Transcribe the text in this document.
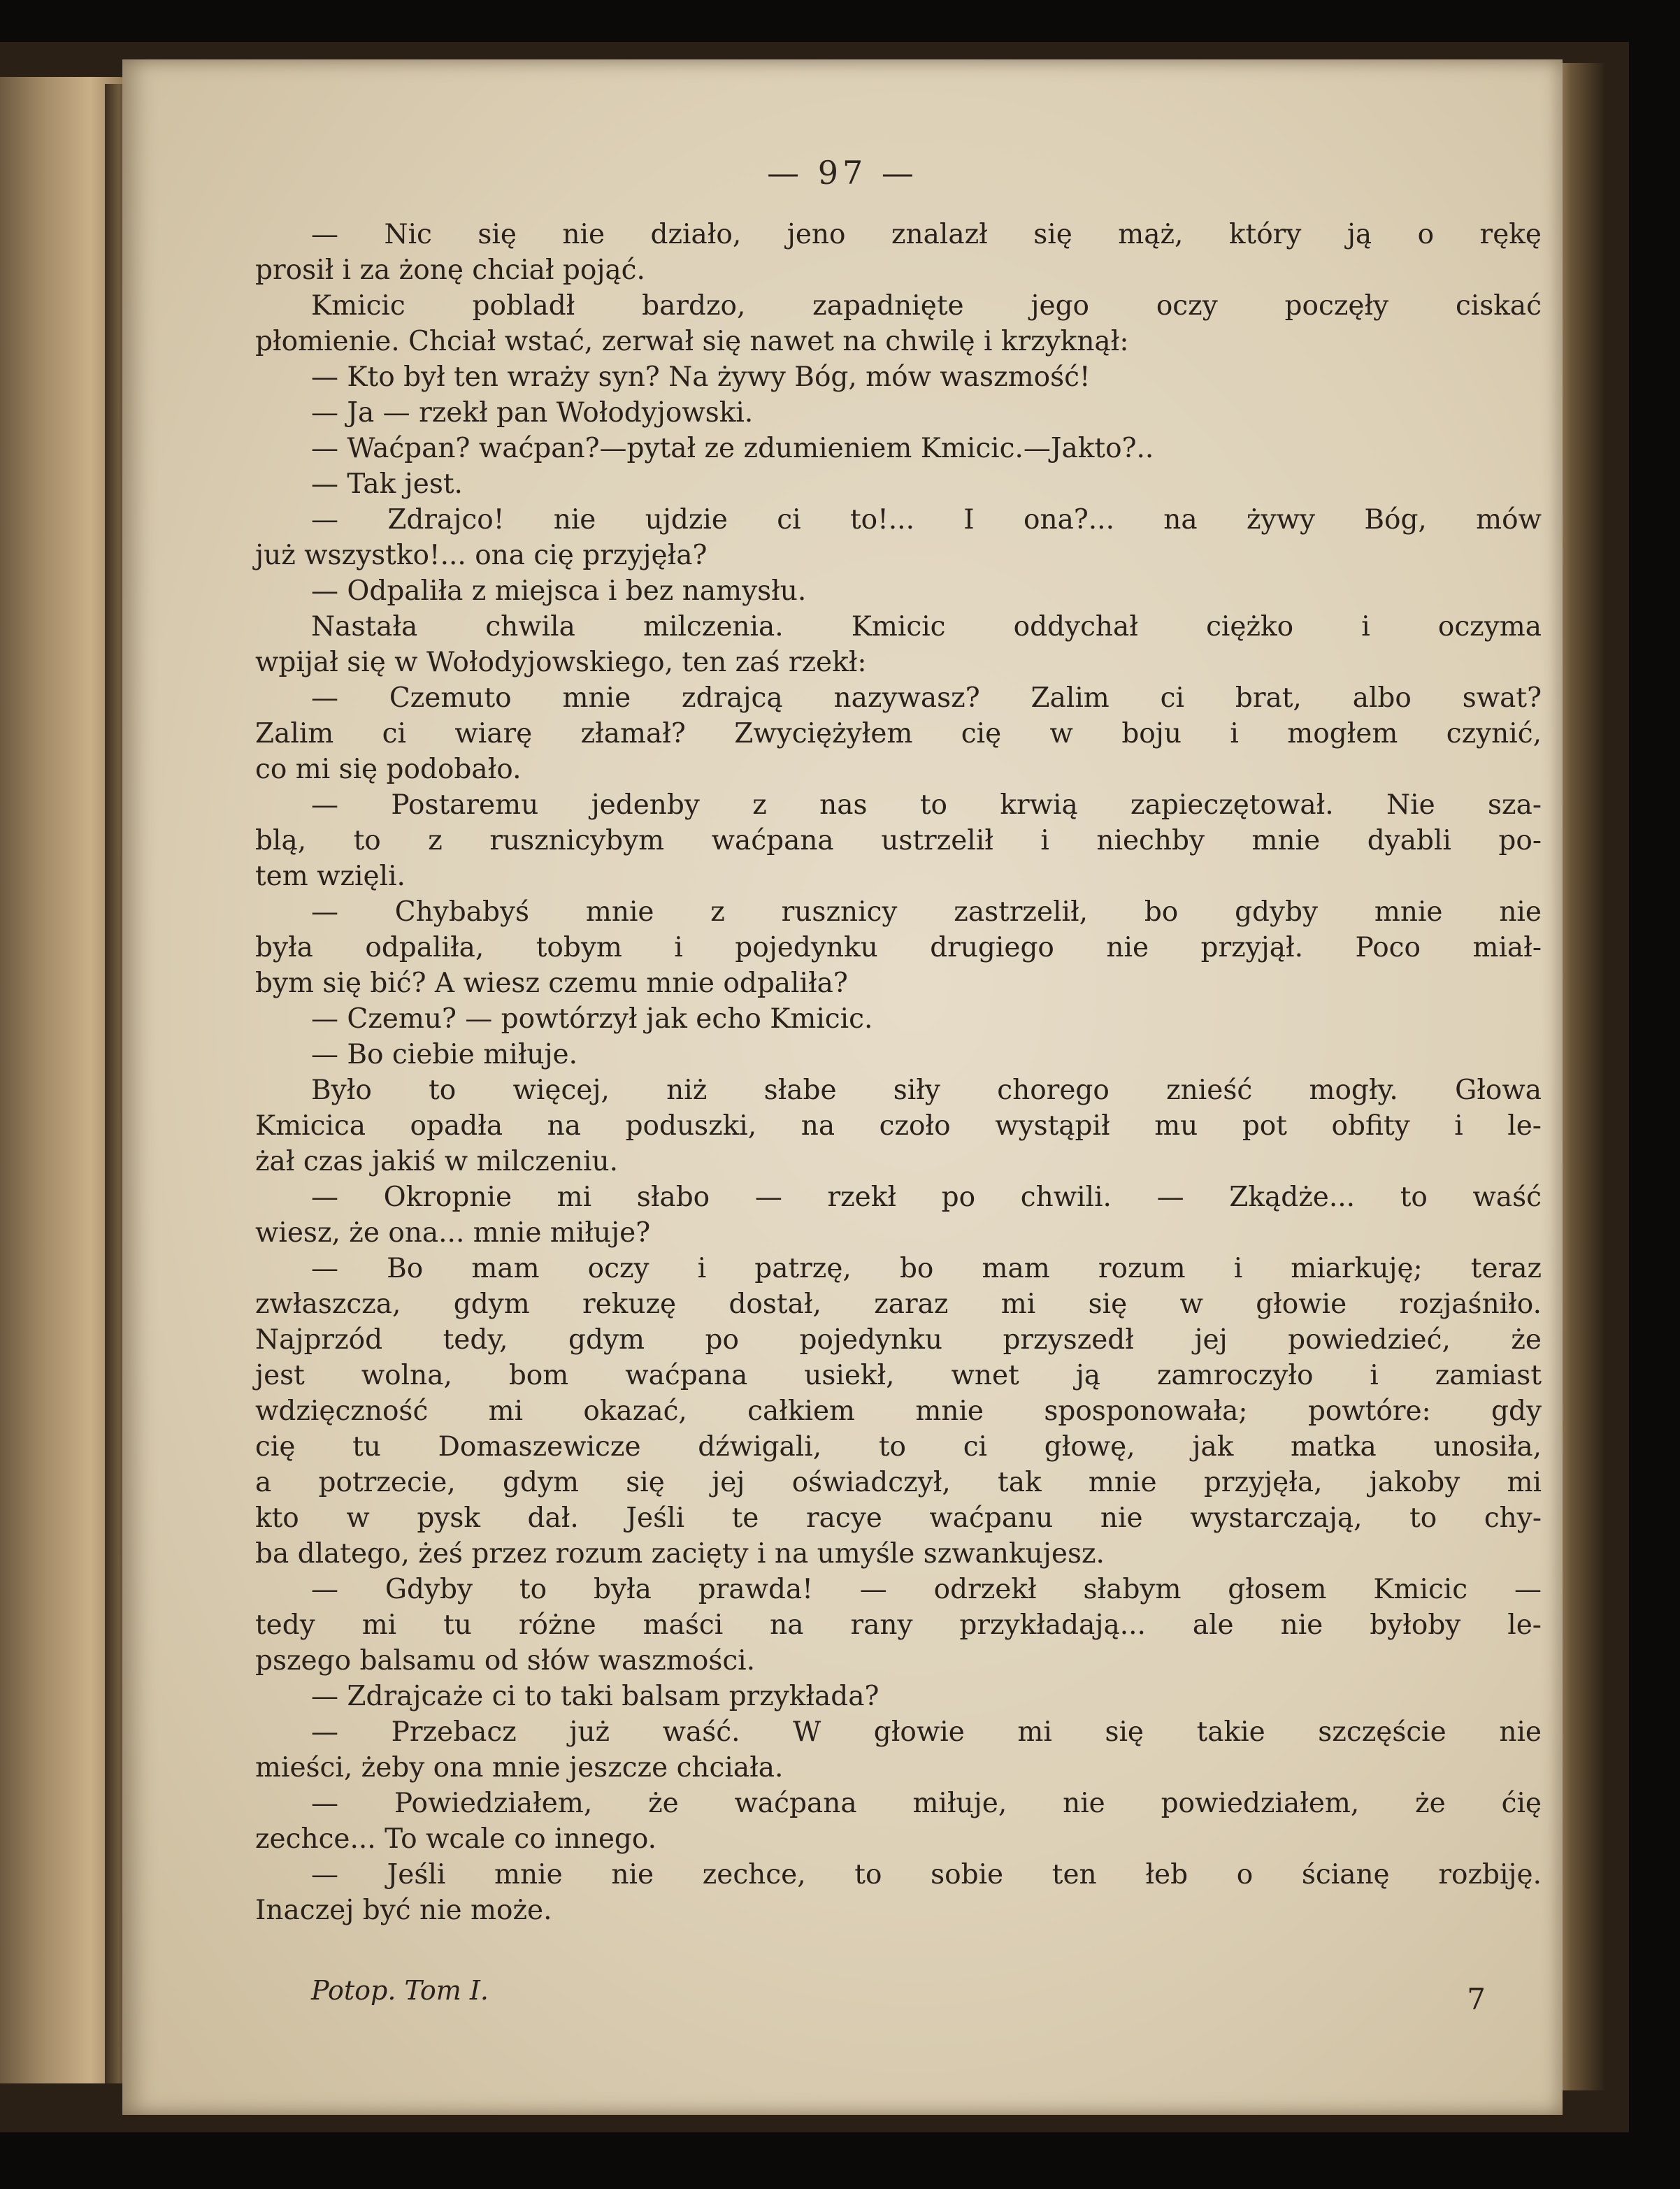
— 97 —
— Nic się nie działo, jeno znalazł się mąż, który ją o rękę
prosił i za żonę chciał pojąć.
Kmicic pobladł bardzo, zapadnięte jego oczy poczęły ciskać
płomienie. Chciał wstać, zerwał się nawet na chwilę i krzyknął:
— Kto był ten wraży syn? Na żywy Bóg, mów waszmość!
— Ja — rzekł pan Wołodyjowski.
— Waćpan? waćpan?—pytał ze zdumieniem Kmicic.—Jakto?..
— Tak jest.
— Zdrajco! nie ujdzie ci to!... I ona?... na żywy Bóg, mów
już wszystko!... ona cię przyjęła?
— Odpaliła z miejsca i bez namysłu.
Nastała chwila milczenia. Kmicic oddychał ciężko i oczyma
wpijał się w Wołodyjowskiego, ten zaś rzekł:
— Czemuto mnie zdrajcą nazywasz? Zalim ci brat, albo swat?
Zalim ci wiarę złamał? Zwyciężyłem cię w boju i mogłem czynić,
co mi się podobało.
— Postaremu jedenby z nas to krwią zapieczętował. Nie sza-
blą, to z rusznicybym waćpana ustrzelił i niechby mnie dyabli po-
tem wzięli.
— Chybabyś mnie z rusznicy zastrzelił, bo gdyby mnie nie
była odpaliła, tobym i pojedynku drugiego nie przyjął. Poco miał-
bym się bić? A wiesz czemu mnie odpaliła?
— Czemu? — powtórzył jak echo Kmicic.
— Bo ciebie miłuje.
Było to więcej, niż słabe siły chorego znieść mogły. Głowa
Kmicica opadła na poduszki, na czoło wystąpił mu pot obfity i le-
żał czas jakiś w milczeniu.
— Okropnie mi słabo — rzekł po chwili. — Zkądże... to waść
wiesz, że ona... mnie miłuje?
— Bo mam oczy i patrzę, bo mam rozum i miarkuję; teraz
zwłaszcza, gdym rekuzę dostał, zaraz mi się w głowie rozjaśniło.
Najprzód tedy, gdym po pojedynku przyszedł jej powiedzieć, że
jest wolna, bom waćpana usiekł, wnet ją zamroczyło i zamiast
wdzięczność mi okazać, całkiem mnie sposponowała; powtóre: gdy
cię tu Domaszewicze dźwigali, to ci głowę, jak matka unosiła,
a potrzecie, gdym się jej oświadczył, tak mnie przyjęła, jakoby mi
kto w pysk dał. Jeśli te racye waćpanu nie wystarczają, to chy-
ba dlatego, żeś przez rozum zacięty i na umyśle szwankujesz.
— Gdyby to była prawda! — odrzekł słabym głosem Kmicic —
tedy mi tu różne maści na rany przykładają... ale nie byłoby le-
pszego balsamu od słów waszmości.
— Zdrajcaże ci to taki balsam przykłada?
— Przebacz już waść. W głowie mi się takie szczęście nie
mieści, żeby ona mnie jeszcze chciała.
— Powiedziałem, że waćpana miłuje, nie powiedziałem, że ćię
zechce... To wcale co innego.
— Jeśli mnie nie zechce, to sobie ten łeb o ścianę rozbiję.
Inaczej być nie może.
Potop. Tom I.	7
